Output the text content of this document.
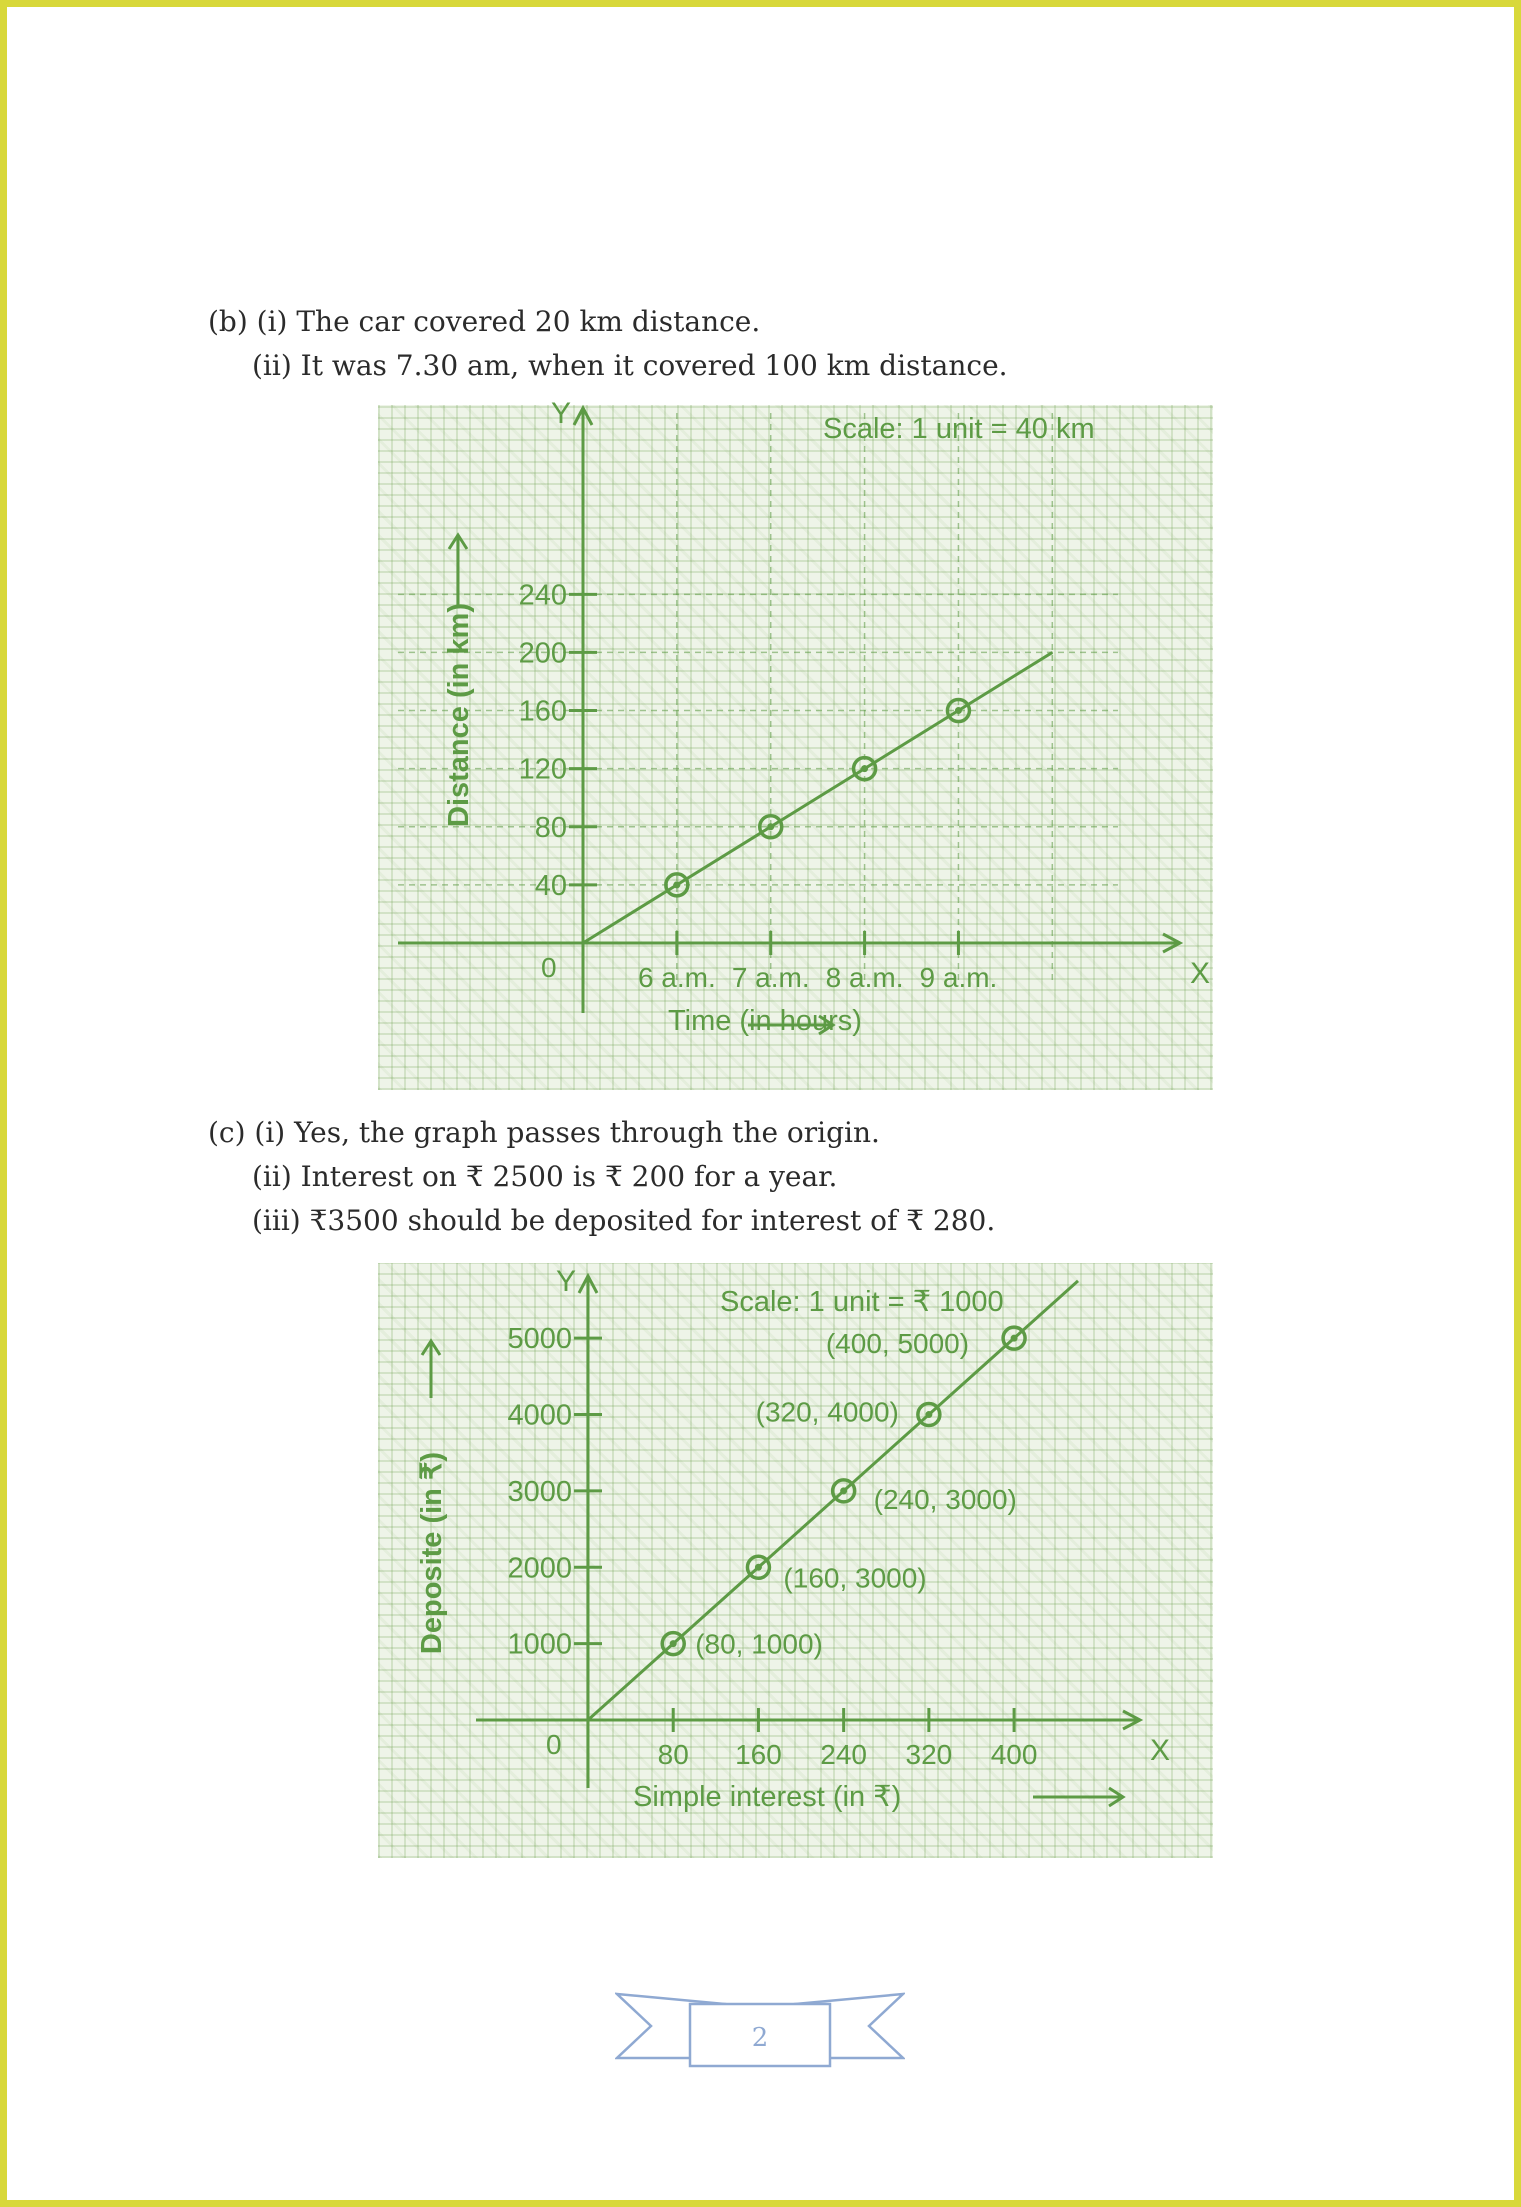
(b) (i) The car covered 20 km distance.
(ii) It was 7.30 am, when it covered 100 km distance.
Scale: 1 unit = 40 km
Distance (in km)
Time (in hours)
X
Y
0
40
80
120
160
200
240
6 a.m. 7 a.m. 8 a.m. 9 a.m.
(c) (i) Yes, the graph passes through the origin.
(ii) Interest on ₹ 2500 is ₹ 200 for a year.
(iii) ₹3500 should be deposited for interest of ₹ 280.
Scale: 1 unit = ₹ 1000
Deposite (in ₹)
Simple interest (in ₹)
X
Y
0
1000
2000
3000
4000
5000
80 160 240 320 400
(80, 1000)
(160, 3000)
(240, 3000)
(320, 4000)
(400, 5000)
2
